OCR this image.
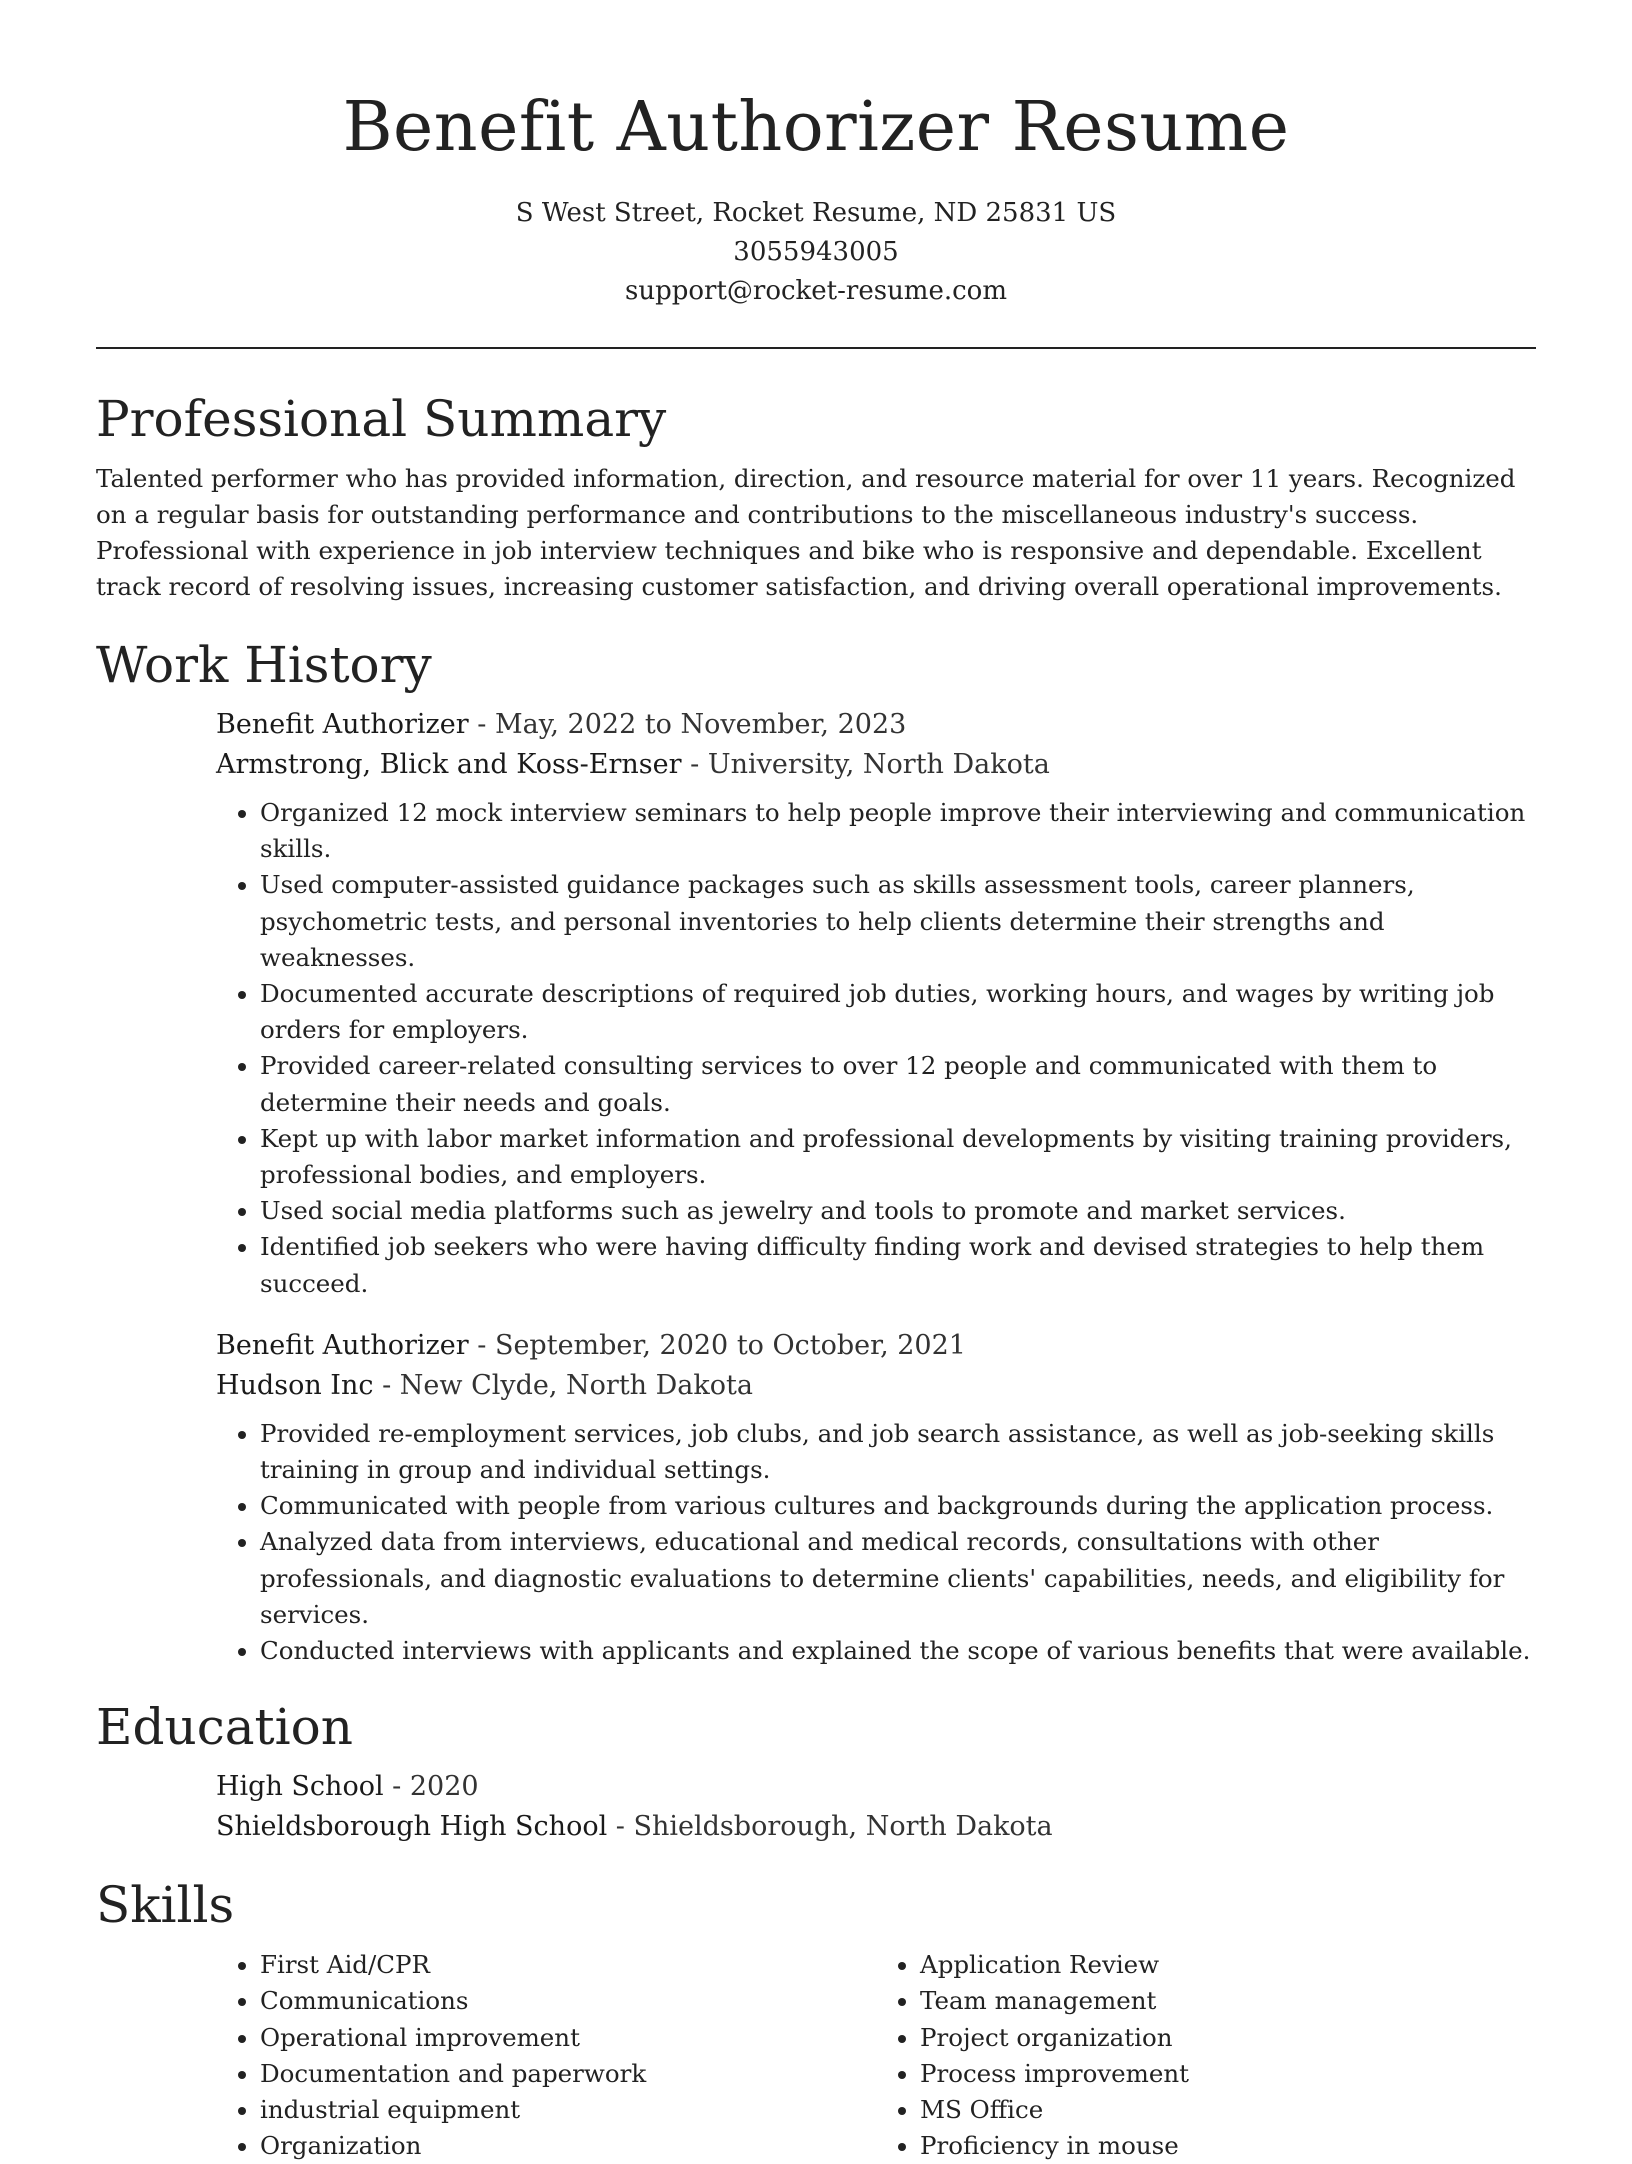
Benefit Authorizer Resume
S West Street, Rocket Resume, ND 25831 US
3055943005
support@rocket-resume.com
Professional Summary

Talented performer who has provided information, direction, and resource material for over 11 years. Recognized on a regular basis for outstanding performance and contributions to the miscellaneous industry's success. Professional with experience in job interview techniques and bike who is responsive and dependable. Excellent track record of resolving issues, increasing customer satisfaction, and driving overall operational improvements.

Work History
Benefit Authorizer - May, 2022 to November, 2023
Armstrong, Blick and Koss-Ernser - University, North Dakota
• Organized 12 mock interview seminars to help people improve their interviewing and communication skills.
• Used computer-assisted guidance packages such as skills assessment tools, career planners, psychometric tests, and personal inventories to help clients determine their strengths and weaknesses.
• Documented accurate descriptions of required job duties, working hours, and wages by writing job orders for employers.
• Provided career-related consulting services to over 12 people and communicated with them to determine their needs and goals.
• Kept up with labor market information and professional developments by visiting training providers, professional bodies, and employers.
• Used social media platforms such as jewelry and tools to promote and market services.
• Identified job seekers who were having difficulty finding work and devised strategies to help them succeed.
Benefit Authorizer - September, 2020 to October, 2021
Hudson Inc - New Clyde, North Dakota
• Provided re-employment services, job clubs, and job search assistance, as well as job-seeking skills training in group and individual settings.
• Communicated with people from various cultures and backgrounds during the application process.
• Analyzed data from interviews, educational and medical records, consultations with other professionals, and diagnostic evaluations to determine clients' capabilities, needs, and eligibility for services.
• Conducted interviews with applicants and explained the scope of various benefits that were available.
Education
High School - 2020
Shieldsborough High School - Shieldsborough, North Dakota
Skills
• First Aid/CPR
• Communications
• Operational improvement
• Documentation and paperwork
• industrial equipment
• Organization
• Application Review
• Team management
• Project organization
• Process improvement
• MS Office
• Proficiency in mouse
